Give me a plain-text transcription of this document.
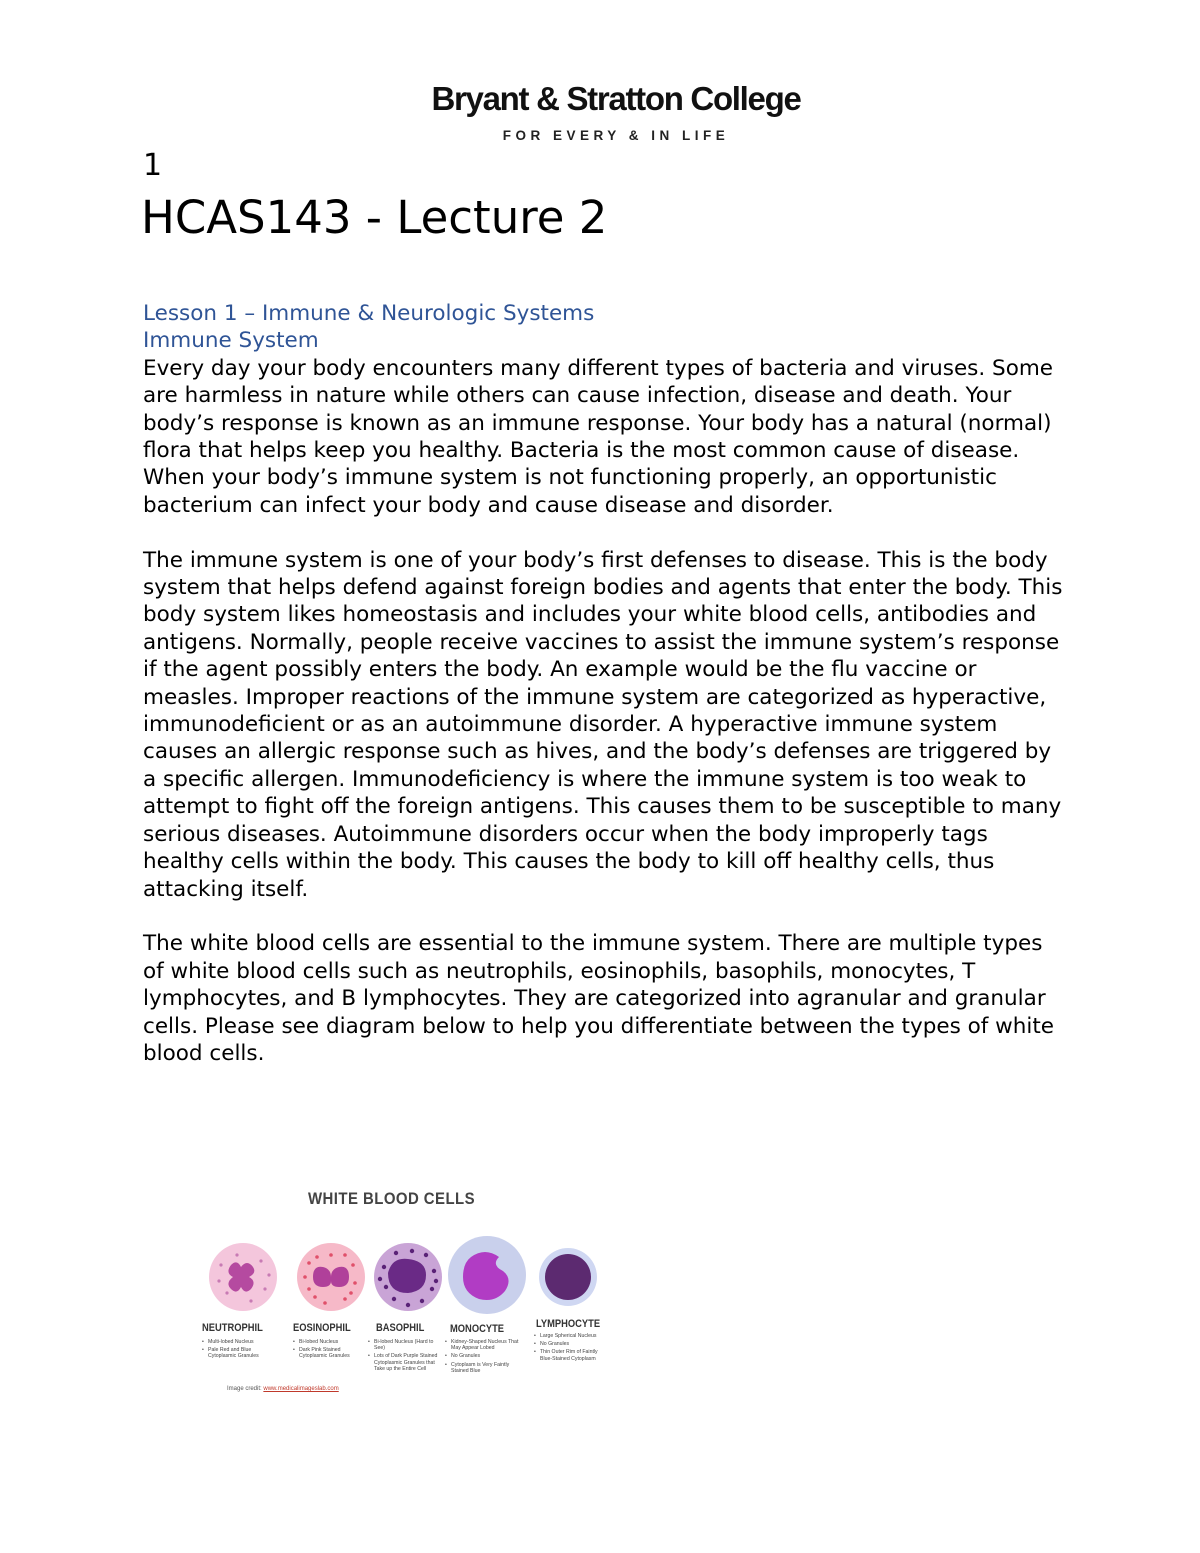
Bryant & Stratton College
FOR EVERY & IN LIFE
1
HCAS143 - Lecture 2
Lesson 1 – Immune & Neurologic Systems
Immune System

Every day your body encounters many different types of bacteria and viruses. Some are harmless in nature while others can cause infection, disease and death. Your body’s response is known as an immune response. Your body has a natural (normal) flora that helps keep you healthy. Bacteria is the most common cause of disease. When your body’s immune system is not functioning properly, an opportunistic bacterium can infect your body and cause disease and disorder.

The immune system is one of your body’s first defenses to disease. This is the body system that helps defend against foreign bodies and agents that enter the body. This body system likes homeostasis and includes your white blood cells, antibodies and antigens. Normally, people receive vaccines to assist the immune system’s response if the agent possibly enters the body. An example would be the flu vaccine or measles. Improper reactions of the immune system are categorized as hyperactive, immunodeficient or as an autoimmune disorder. A hyperactive immune system causes an allergic response such as hives, and the body’s defenses are triggered by a specific allergen. Immunodeficiency is where the immune system is too weak to attempt to fight off the foreign antigens. This causes them to be susceptible to many serious diseases. Autoimmune disorders occur when the body improperly tags healthy cells within the body. This causes the body to kill off healthy cells, thus attacking itself.

The white blood cells are essential to the immune system. There are multiple types of white blood cells such as neutrophils, eosinophils, basophils, monocytes, T lymphocytes, and B lymphocytes. They are categorized into agranular and granular cells. Please see diagram below to help you differentiate between the types of white blood cells.

WHITE BLOOD CELLS
NEUTROPHIL
• Multi-lobed Nucleus
• Pale Red and Blue Cytoplasmic Granules
EOSINOPHIL
• Bi-lobed Nucleus
• Dark Pink Stained Cytoplasmic Granules
BASOPHIL
• Bi-lobed Nucleus (Hard to See)
• Lots of Dark Purple Stained Cytoplasmic Granules that Take up the Entire Cell
MONOCYTE
• Kidney-Shaped Nucleus That May Appear Lobed
• No Granules
• Cytoplasm is Very Faintly Stained Blue
LYMPHOCYTE
• Large Spherical Nucleus
• No Granules
• Thin Outer Rim of Faintly Blue-Stained Cytoplasm
Image credit: www.medicalimageslab.com
